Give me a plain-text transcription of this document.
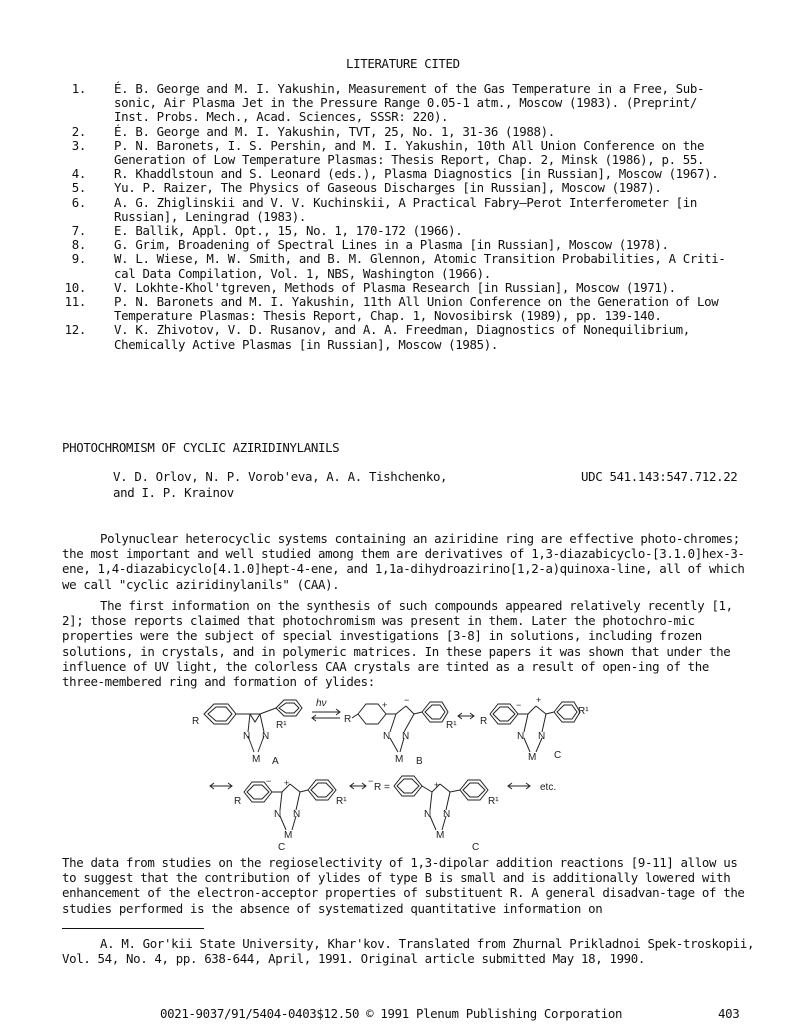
LITERATURE CITED
1. É. B. George and M. I. Yakushin, Measurement of the Gas Temperature in a Free, Sub-
sonic, Air Plasma Jet in the Pressure Range 0.05-1 atm., Moscow (1983). (Preprint/
Inst. Probs. Mech., Acad. Sciences, SSSR: 220).
2. É. B. George and M. I. Yakushin, TVT, 25, No. 1, 31-36 (1988).
3. P. N. Baronets, I. S. Pershin, and M. I. Yakushin, 10th All Union Conference on the
Generation of Low Temperature Plasmas: Thesis Report, Chap. 2, Minsk (1986), p. 55.
4. R. Khaddlstoun and S. Leonard (eds.), Plasma Diagnostics [in Russian], Moscow (1967).
5. Yu. P. Raizer, The Physics of Gaseous Discharges [in Russian], Moscow (1987).
6. A. G. Zhiglinskii and V. V. Kuchinskii, A Practical Fabry–Perot Interferometer [in
Russian], Leningrad (1983).
7. E. Ballik, Appl. Opt., 15, No. 1, 170-172 (1966).
8. G. Grim, Broadening of Spectral Lines in a Plasma [in Russian], Moscow (1978).
9. W. L. Wiese, M. W. Smith, and B. M. Glennon, Atomic Transition Probabilities, A Criti-
cal Data Compilation, Vol. 1, NBS, Washington (1966).
10. V. Lokhte-Khol'tgreven, Methods of Plasma Research [in Russian], Moscow (1971).
11. P. N. Baronets and M. I. Yakushin, 11th All Union Conference on the Generation of Low
Temperature Plasmas: Thesis Report, Chap. 1, Novosibirsk (1989), pp. 139-140.
12. V. K. Zhivotov, V. D. Rusanov, and A. A. Freedman, Diagnostics of Nonequilibrium,
Chemically Active Plasmas [in Russian], Moscow (1985).
PHOTOCHROMISM OF CYCLIC AZIRIDINYLANILS
V. D. Orlov, N. P. Vorob'eva, A. A. Tishchenko,
and I. P. Krainov
UDC 541.143:547.712.22

Polynuclear heterocyclic systems containing an aziridine ring are effective photo-chromes; the most important and well studied among them are derivatives of 1,3-diazabicyclo-[3.1.0]hex-3-ene, 1,4-diazabicyclo[4.1.0]hept-4-ene, and 1,1a-dihydroazirino[1,2-a)quinoxa-line, all of which we call "cyclic aziridinylanils" (CAA).

The first information on the synthesis of such compounds appeared relatively recently [1, 2]; those reports claimed that photochromism was present in them. Later the photochro-mic properties were the subject of special investigations [3-8] in solutions, including frozen solutions, in crystals, and in polymeric matrices. In these papers it was shown that under the influence of UV light, the colorless CAA crystals are tinted as a result of open-ing of the three-membered ring and formation of ylides:

R	R¹
N N
M A
hν
R
+ −
N N
M B
R¹ R
− +
R¹
N N
M C
R
− +
R¹
N N
M
C
−
R =	+
R¹
N N
M
C
etc.

The data from studies on the regioselectivity of 1,3-dipolar addition reactions [9-11] allow us to suggest that the contribution of ylides of type B is small and is additionally lowered with enhancement of the electron-acceptor properties of substituent R. A general disadvan-tage of the studies performed is the absence of systematized quantitative information on

A. M. Gor'kii State University, Khar'kov. Translated from Zhurnal Prikladnoi Spek-troskopii, Vol. 54, No. 4, pp. 638-644, April, 1991. Original article submitted May 18, 1990.

0021-9037/91/5404-0403$12.50 © 1991 Plenum Publishing Corporation	403
